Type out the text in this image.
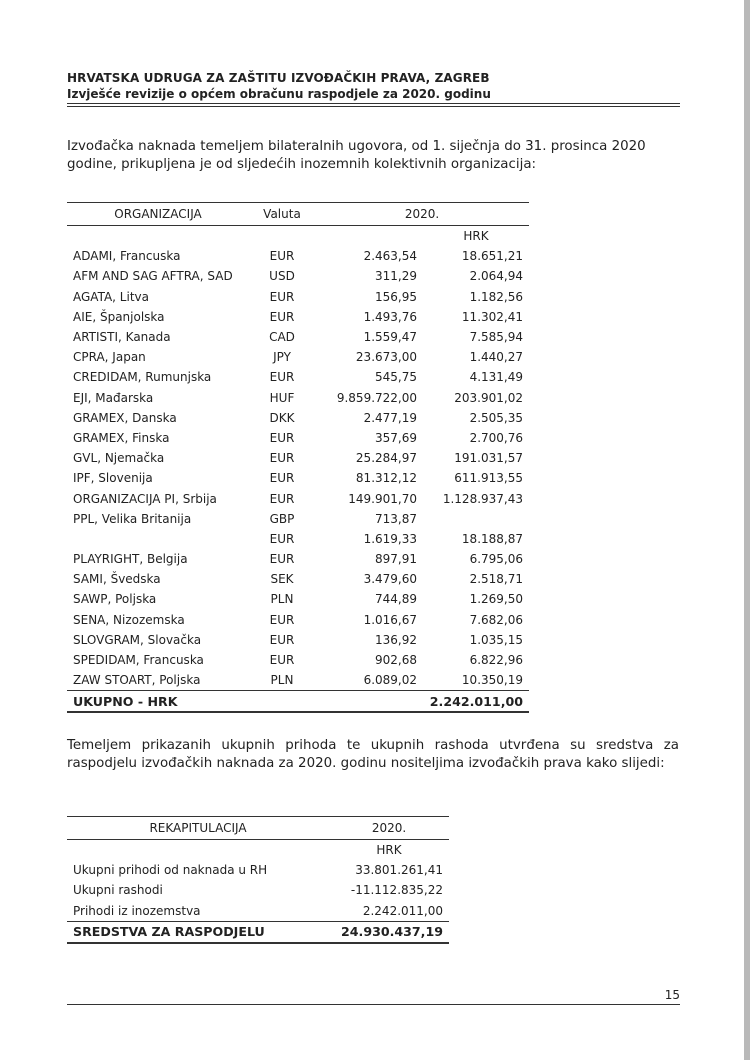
HRVATSKA UDRUGA ZA ZAŠTITU IZVOĐAČKIH PRAVA, ZAGREB
Izvješće revizije o općem obračunu raspodjele za 2020. godinu
Izvođačka naknada temeljem bilateralnih ugovora, od 1. siječnja do 31. prosinca 2020 godine, prikupljena je od sljedećih inozemnih kolektivnih organizacija:
ORGANIZACIJA	Valuta	2020.	
			HRK
ADAMI, Francuska	EUR	2.463,54	18.651,21
AFM AND SAG AFTRA, SAD	USD	311,29	2.064,94
AGATA, Litva	EUR	156,95	1.182,56
AIE, Španjolska	EUR	1.493,76	11.302,41
ARTISTI, Kanada	CAD	1.559,47	7.585,94
CPRA, Japan	JPY	23.673,00	1.440,27
CREDIDAM, Rumunjska	EUR	545,75	4.131,49
EJI, Mađarska	HUF	9.859.722,00	203.901,02
GRAMEX, Danska	DKK	2.477,19	2.505,35
GRAMEX, Finska	EUR	357,69	2.700,76
GVL, Njemačka	EUR	25.284,97	191.031,57
IPF, Slovenija	EUR	81.312,12	611.913,55
ORGANIZACIJA PI, Srbija	EUR	149.901,70	1.128.937,43
PPL, Velika Britanija	GBP	713,87	
	EUR	1.619,33	18.188,87
PLAYRIGHT, Belgija	EUR	897,91	6.795,06
SAMI, Švedska	SEK	3.479,60	2.518,71
SAWP, Poljska	PLN	744,89	1.269,50
SENA, Nizozemska	EUR	1.016,67	7.682,06
SLOVGRAM, Slovačka	EUR	136,92	1.035,15
SPEDIDAM, Francuska	EUR	902,68	6.822,96
ZAW STOART, Poljska	PLN	6.089,02	10.350,19
UKUPNO - HRK		2.242.011,00	
Temeljem prikazanih ukupnih prihoda te ukupnih rashoda utvrđena su sredstva za raspodjelu izvođačkih naknada za 2020. godinu nositeljima izvođačkih prava kako slijedi:
REKAPITULACIJA	2020.
	HRK
Ukupni prihodi od naknada u RH	33.801.261,41
Ukupni rashodi	-11.112.835,22
Prihodi iz inozemstva	2.242.011,00
SREDSTVA ZA RASPODJELU	24.930.437,19
15
